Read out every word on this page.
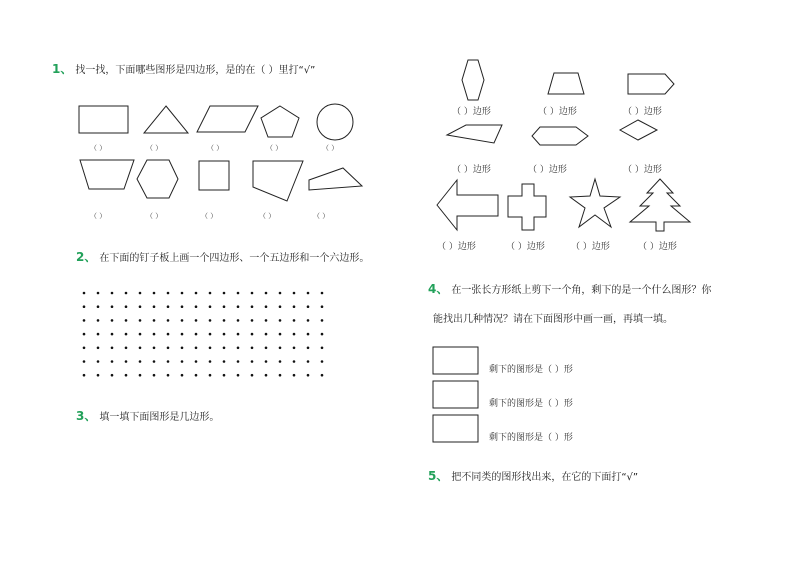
1、 找一找，下面哪些图形是四边形，是的在（ ）里打“√”
2、 在下面的钉子板上画一个四边形、一个五边形和一个六边形。
3、 填一填下面图形是几边形。
4、 在一张长方形纸上剪下一个角，剩下的是一个什么图形？你
能找出几种情况？请在下面图形中画一画，再填一填。
5、 把不同类的图形找出来，在它的下面打“√”
（ ）	（ ）	（ ）	（ ）	（ ）
（ ）	（ ）	（ ）	（ ）	（ ）
（ ）边形	（ ）边形	（ ）边形
（ ）边形	（ ）边形	（ ）边形
（ ）边形	（ ）边形	（ ）边形	（ ）边形
剩下的图形是（ ）形
剩下的图形是（ ）形
剩下的图形是（ ）形
